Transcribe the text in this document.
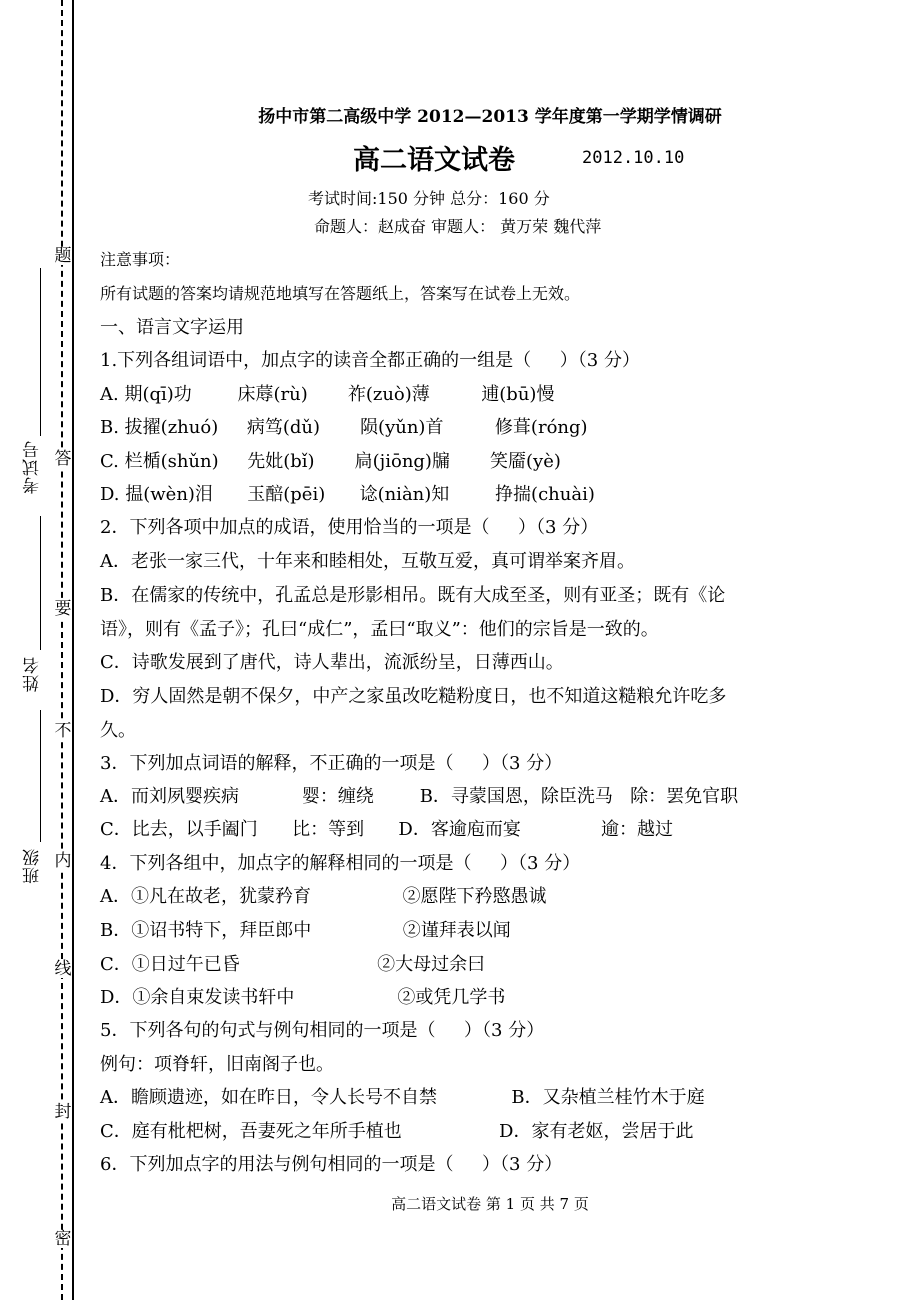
题
答
要
不
内
线
封
密
考试号
姓名
班级
扬中市第二高级中学 2012—2013 学年度第一学期学情调研
高二语文试卷	2012.10.10
考试时间:150 分钟 总分：160 分
命题人：赵成奋 审题人： 黄万荣 魏代萍
注意事项：
所有试题的答案均请规范地填写在答题纸上，答案写在试卷上无效。
一、语言文字运用
1.下列各组词语中，加点字的读音全都正确的一组是（     ）（3 分）
A. 期(qī)功        床蓐(rù)       祚(zuò)薄         逋(bū)慢
B. 拔擢(zhuó)     病笃(dǔ)       陨(yǔn)首         修葺(róng)
C. 栏楯(shǔn)     先妣(bǐ)       扃(jiōng)牖       笑靥(yè)
D. 揾(wèn)泪      玉醅(pēi)      谂(niàn)知        挣揣(chuài)
2．下列各项中加点的成语，使用恰当的一项是（     ）（3 分）
A．老张一家三代，十年来和睦相处，互敬互爱，真可谓举案齐眉。
B．在儒家的传统中，孔孟总是形影相吊。既有大成至圣，则有亚圣；既有《论
语》，则有《孟子》；孔曰“成仁”，孟曰“取义”：他们的宗旨是一致的。
C．诗歌发展到了唐代，诗人辈出，流派纷呈，日薄西山。
D．穷人固然是朝不保夕，中产之家虽改吃糙粉度日，也不知道这糙粮允许吃多
久。
3．下列加点词语的解释，不正确的一项是（     ）（3 分）
A．而刘夙婴疾病           婴：缠绕        B．寻蒙国恩，除臣洗马   除：罢免官职
C．比去，以手阖门      比：等到      D．客逾庖而宴              逾：越过
4．下列各组中，加点字的解释相同的一项是（     ）（3 分）
A．①凡在故老，犹蒙矜育                ②愿陛下矜愍愚诚
B．①诏书特下，拜臣郎中                ②谨拜表以闻
C．①日过午已昏                        ②大母过余曰
D．①余自束发读书轩中                  ②或凭几学书
5．下列各句的句式与例句相同的一项是（     ）（3 分）
例句：项脊轩，旧南阁子也。
A．瞻顾遗迹，如在昨日，令人长号不自禁             B．又杂植兰桂竹木于庭
C．庭有枇杷树，吾妻死之年所手植也                 D．家有老妪，尝居于此
6．下列加点字的用法与例句相同的一项是（     ）（3 分）
高二语文试卷 第 1 页 共 7 页
